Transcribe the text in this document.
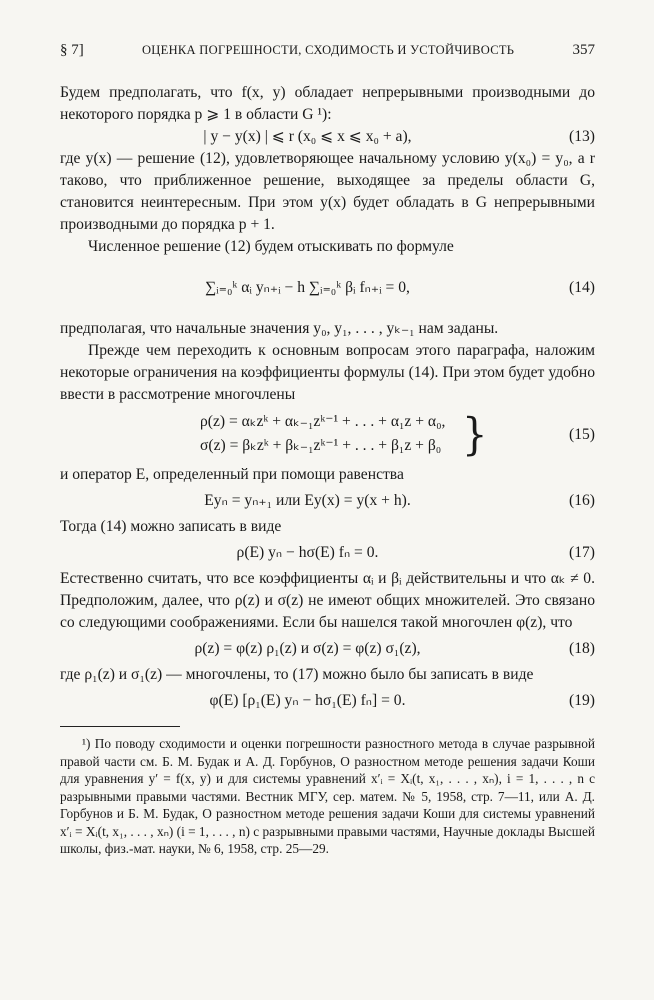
§ 7]	ОЦЕНКА ПОГРЕШНОСТИ, СХОДИМОСТЬ И УСТОЙЧИВОСТЬ	357

Будем предполагать, что f(x, y) обладает непрерывными производными до некоторого порядка p ⩾ 1 в области G ¹):

| y − y(x) | ⩽ r (x₀ ⩽ x ⩽ x₀ + a),	(13)

где y(x) — решение (12), удовлетворяющее начальному условию y(x₀) = y₀, а r таково, что приближенное решение, выходящее за пределы области G, становится неинтересным. При этом y(x) будет обладать в G непрерывными производными до порядка p + 1.

Численное решение (12) будем отыскивать по формуле

∑ᵢ₌₀ᵏ αᵢ yₙ₊ᵢ − h ∑ᵢ₌₀ᵏ βᵢ fₙ₊ᵢ = 0,	(14)

предполагая, что начальные значения y₀, y₁, . . . , yₖ₋₁ нам заданы.

Прежде чем переходить к основным вопросам этого параграфа, наложим некоторые ограничения на коэффициенты формулы (14). При этом будет удобно ввести в рассмотрение многочлены

ρ(z) = αₖzᵏ + αₖ₋₁zᵏ⁻¹ + . . . + α₁z + α₀,
σ(z) = βₖzᵏ + βₖ₋₁zᵏ⁻¹ + . . . + β₁z + β₀ }	(15)

и оператор E, определенный при помощи равенства

Eyₙ = yₙ₊₁ или Ey(x) = y(x + h).	(16)

Тогда (14) можно записать в виде

ρ(E) yₙ − hσ(E) fₙ = 0.	(17)

Естественно считать, что все коэффициенты αᵢ и βᵢ действительны и что αₖ ≠ 0. Предположим, далее, что ρ(z) и σ(z) не имеют общих множителей. Это связано со следующими соображениями. Если бы нашелся такой многочлен φ(z), что

ρ(z) = φ(z) ρ₁(z) и σ(z) = φ(z) σ₁(z),	(18)

где ρ₁(z) и σ₁(z) — многочлены, то (17) можно было бы записать в виде

φ(E) [ρ₁(E) yₙ − hσ₁(E) fₙ] = 0.	(19)

¹) По поводу сходимости и оценки погрешности разностного метода в случае разрывной правой части см. Б. М. Будак и А. Д. Горбунов, О разностном методе решения задачи Коши для уравнения y′ = f(x, y) и для системы уравнений x′ᵢ = Xᵢ(t, x₁, . . . , xₙ), i = 1, . . . , n с разрывными правыми частями. Вестник МГУ, сер. матем. № 5, 1958, стр. 7—11, или А. Д. Горбунов и Б. М. Будак, О разностном методе решения задачи Коши для системы уравнений x′ᵢ = Xᵢ(t, x₁, . . . , xₙ) (i = 1, . . . , n) с разрывными правыми частями, Научные доклады Высшей школы, физ.-мат. науки, № 6, 1958, стр. 25—29.
